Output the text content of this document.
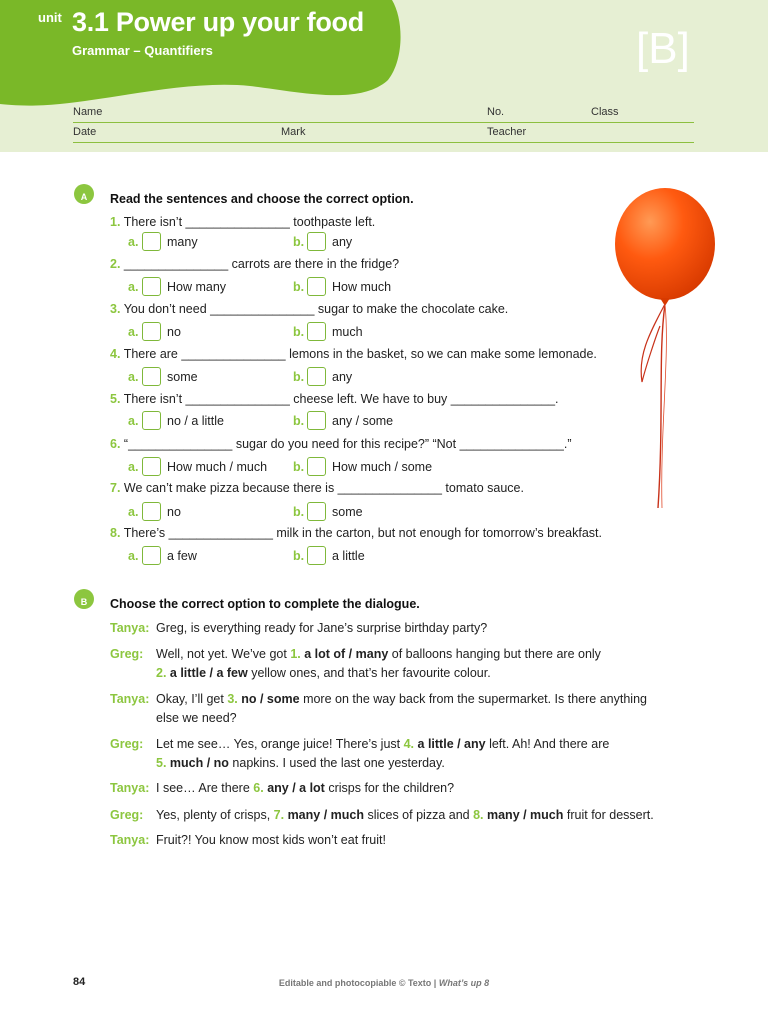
unit 3.1 Power up your food
Grammar – Quantifiers	[B]
Name	No.	Class
Date	Mark	Teacher
A	Read the sentences and choose the correct option.
1. There isn’t _______________ toothpaste left.
a. many	b. any
2. _______________ carrots are there in the fridge?
a. How many	b. How much
3. You don’t need _______________ sugar to make the chocolate cake.
a. no	b. much
4. There are _______________ lemons in the basket, so we can make some lemonade.
a. some	b. any
5. There isn’t _______________ cheese left. We have to buy _______________.
a. no / a little	b. any / some
6. “_______________ sugar do you need for this recipe?” “Not _______________.”
a. How much / much b. How much / some
7. We can’t make pizza because there is _______________ tomato sauce.
a. no	b. some
8. There’s _______________ milk in the carton, but not enough for tomorrow’s breakfast.
a. a few	b. a little
B	Choose the correct option to complete the dialogue.
Tanya: Greg, is everything ready for Jane’s surprise birthday party?
Greg: Well, not yet. We’ve got 1. a lot of / many of balloons hanging but there are only
2. a little / a few yellow ones, and that’s her favourite colour.
Tanya: Okay, I’ll get 3. no / some more on the way back from the supermarket. Is there anything
else we need?
Greg: Let me see… Yes, orange juice! There’s just 4. a little / any left. Ah! And there are
5. much / no napkins. I used the last one yesterday.
Tanya: I see… Are there 6. any / a lot crisps for the children?
Greg: Yes, plenty of crisps, 7. many / much slices of pizza and 8. many / much fruit for dessert.
Tanya: Fruit?! You know most kids won’t eat fruit!
84	Editable and photocopiable © Texto | What’s up 8
